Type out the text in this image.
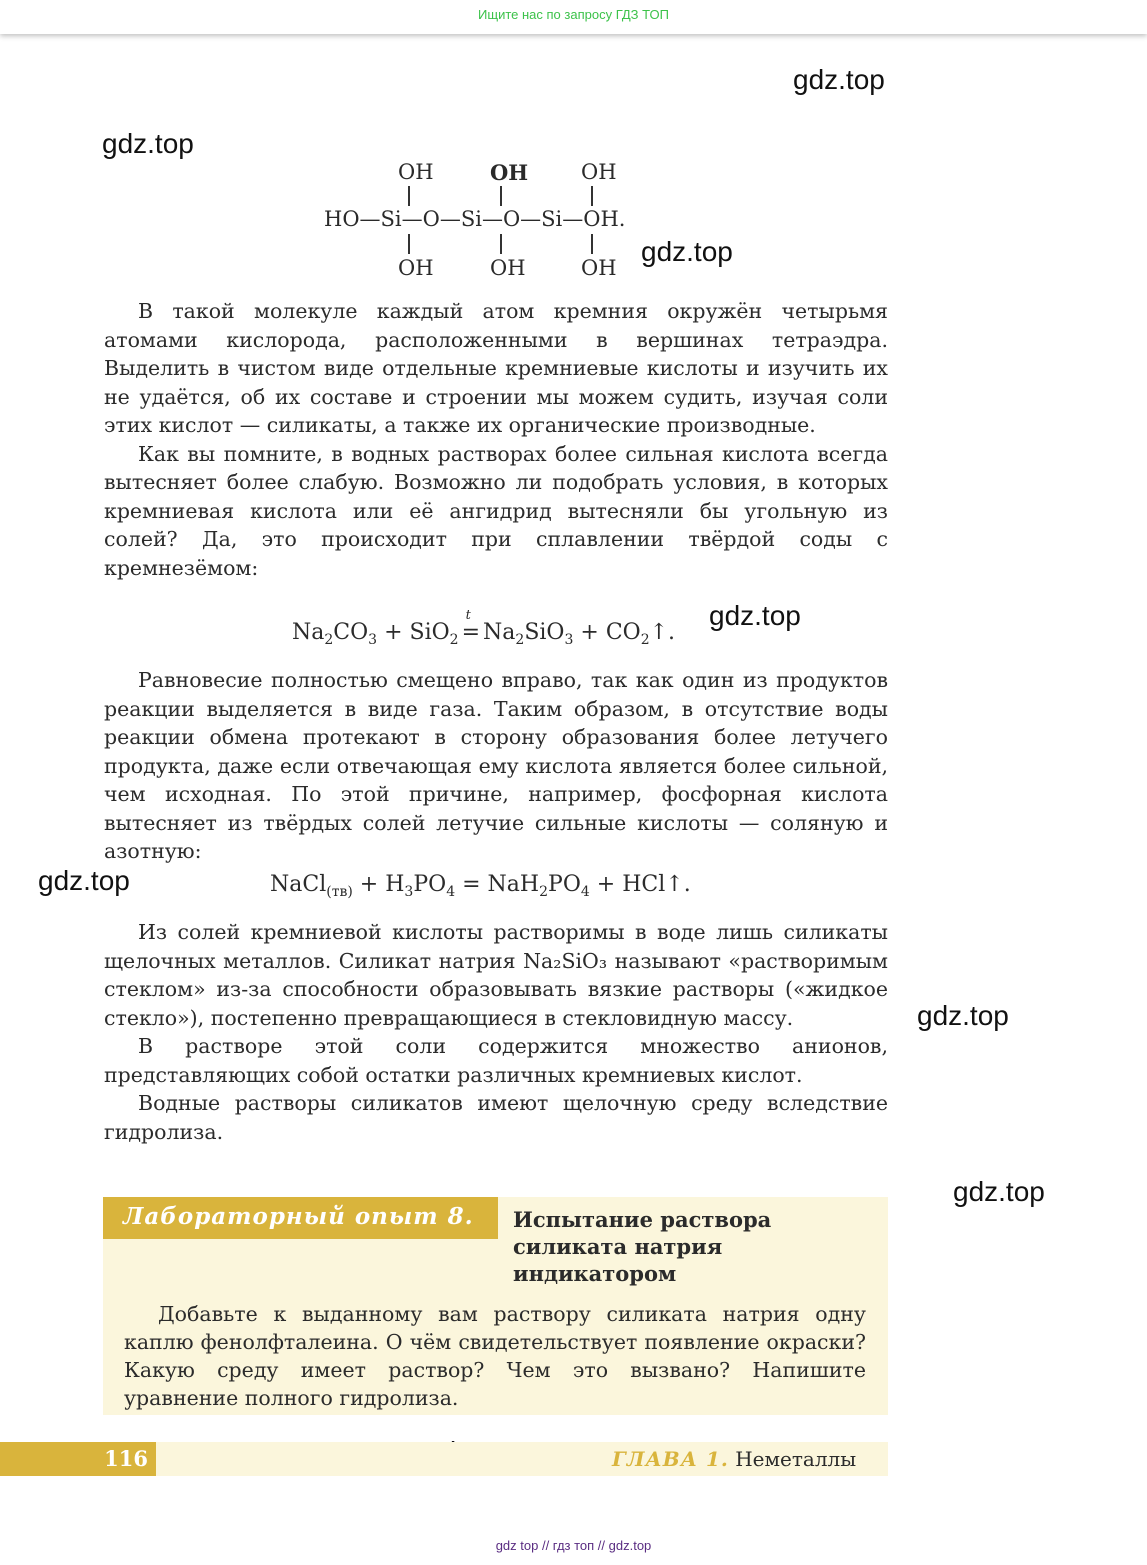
Ищите нас по запросу ГДЗ ТОП
gdz.top
gdz.top
gdz.top
gdz.top
gdz.top
gdz.top
gdz.top
OH	OH	OH
HO—Si—O—Si—O—Si—OH.
OH	OH	OH

В такой молекуле каждый атом кремния окружён четырьмя атомами кислорода, расположенными в вершинах тетраэдра. Выделить в чистом виде отдельные кремниевые кислоты и изучить их не удаётся, об их составе и строении мы можем судить, изучая соли этих кислот — силикаты, а также их органические производные.

Как вы помните, в водных растворах более сильная кислота всегда вытесняет более слабую. Возможно ли подобрать условия, в которых кремниевая кислота или её ангидрид вытесняли бы угольную из солей? Да, это происходит при сплавлении твёрдой соды с кремнезёмом:

$Na_2CO_3 + SiO_2$
t
= $Na_2SiO_3$ + $CO_2↑$.

Равновесие полностью смещено вправо, так как один из продуктов реакции выделяется в виде газа. Таким образом, в отсутствие воды реакции обмена протекают в сторону образования более летучего продукта, даже если отвечающая ему кислота является более сильной, чем исходная. По этой причине, например, фосфорная кислота вытесняет из твёрдых солей летучие сильные кислоты — соляную и азотную:

NaCl$_{(тв)}$ + $H_3PO_4 = NaH_2PO_4$ + HCl↑.

Из солей кремниевой кислоты растворимы в воде лишь силикаты щелочных металлов. Силикат натрия Na₂SiO₃ называют «растворимым стеклом» из-за способности образовывать вязкие растворы («жидкое стекло»), постепенно превращающиеся в стекловидную массу.

В растворе этой соли содержится множество анионов, представляющих собой остатки различных кремниевых кислот.

Водные растворы силикатов имеют щелочную среду вследствие гидролиза.

Лабораторный опыт 8.	Испытание раствора силиката натрия индикатором

Добавьте к выданному вам раствору силиката натрия одну каплю фенолфталеина. О чём свидетельствует появление окраски? Какую среду имеет раствор? Чем это вызвано? Напишите уравнение полного гидролиза.

116	ГЛАВА 1. Неметаллы
gdz top // гдз топ // gdz.top
